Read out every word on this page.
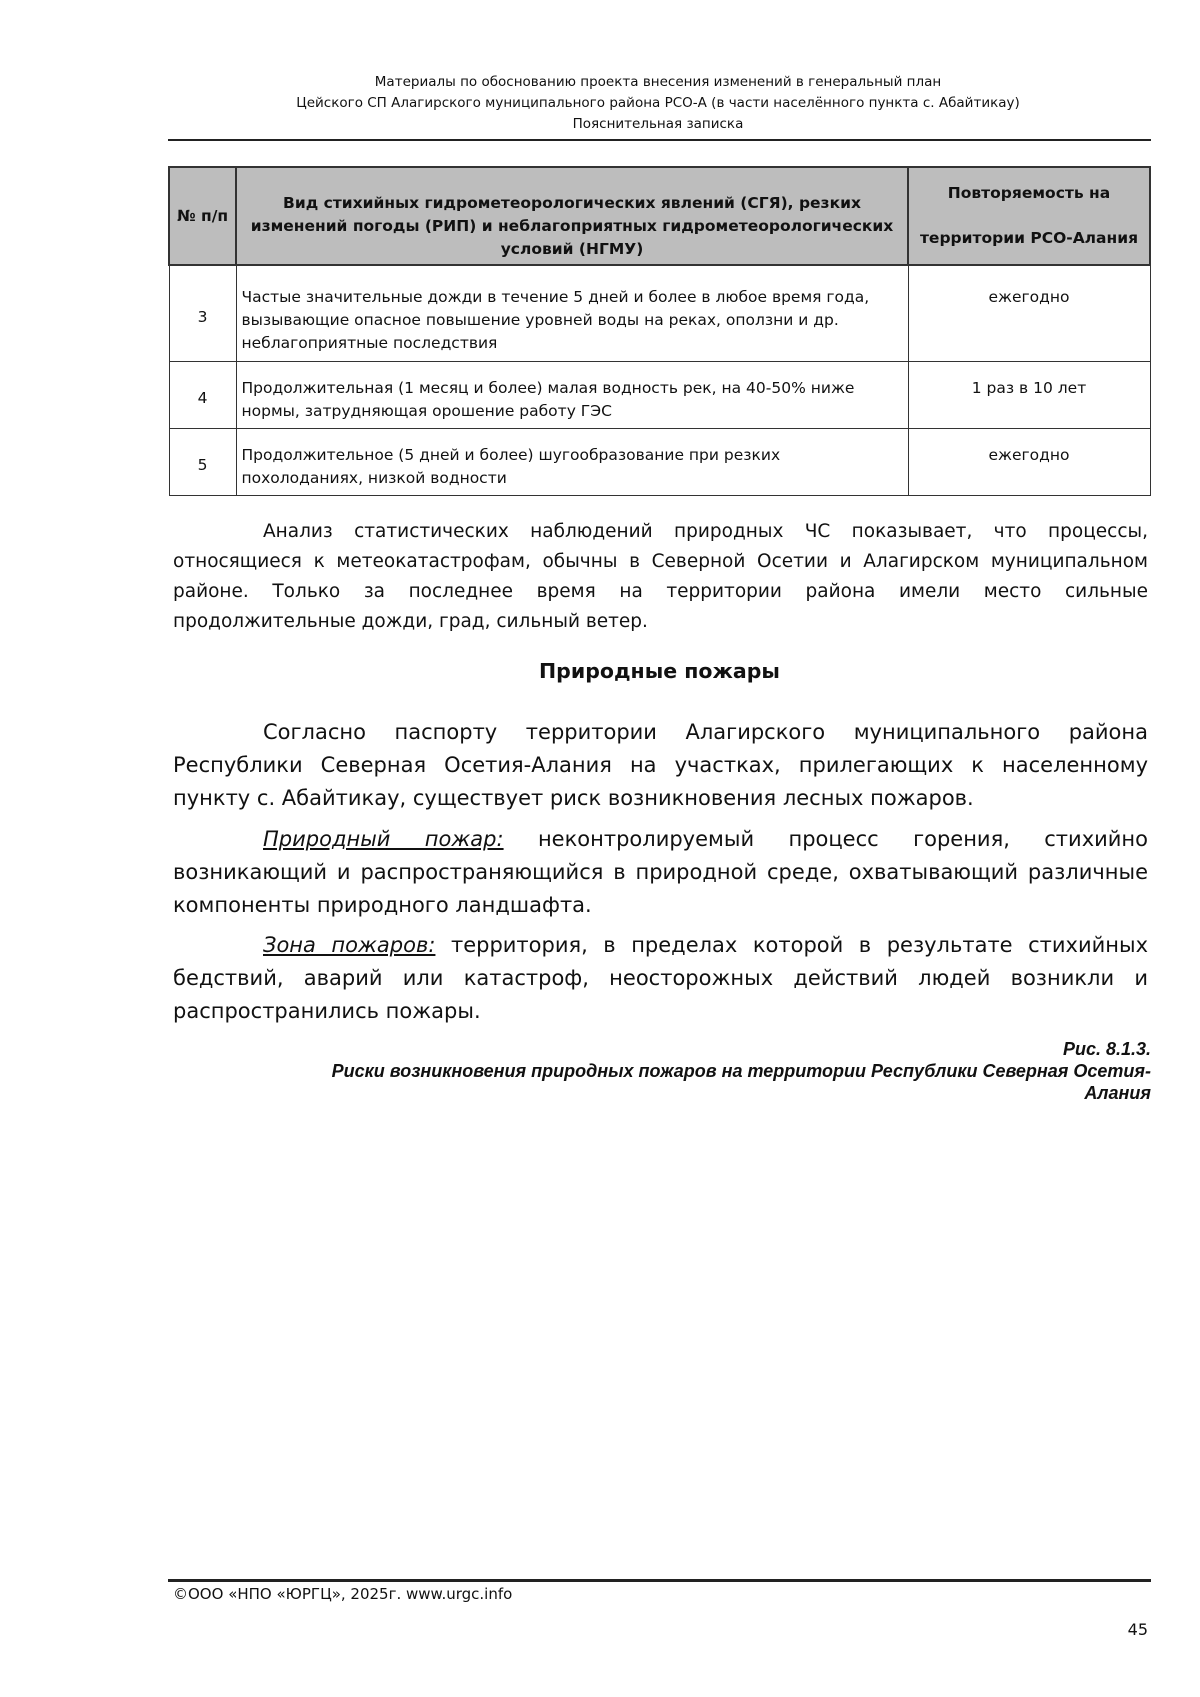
Материалы по обоснованию проекта внесения изменений в генеральный план
Цейского СП Алагирского муниципального района РСО-А (в части населённого пункта с. Абайтикау)
Пояснительная записка
№ п/п	Вид стихийных гидрометеорологических явлений (СГЯ), резких изменений погоды (РИП) и неблагоприятных гидрометеорологических условий (НГМУ)	Повторяемость на
территории РСО-Алания

3	Частые значительные дожди в течение 5 дней и более в любое время года, вызывающие опасное повышение уровней воды на реках, оползни и др. неблагоприятные последствия	ежегодно
4	Продолжительная (1 месяц и более) малая водность рек, на 40-50% ниже нормы, затрудняющая орошение работу ГЭС	1 раз в 10 лет
5	Продолжительное (5 дней и более) шугообразование при резких похолоданиях, низкой водности	ежегодно
Анализ статистических наблюдений природных ЧС показывает, что процессы, относящиеся к метеокатастрофам, обычны в Северной Осетии и Алагирском муниципальном районе. Только за последнее время на территории района имели место сильные продолжительные дожди, град, сильный ветер.
Природные пожары
Согласно паспорту территории Алагирского муниципального района Республики Северная Осетия-Алания на участках, прилегающих к населенному пункту с. Абайтикау, существует риск возникновения лесных пожаров.
Природный пожар: неконтролируемый процесс горения, стихийно возникающий и распространяющийся в природной среде, охватывающий различные компоненты природного ландшафта.
Зона пожаров: территория, в пределах которой в результате стихийных бедствий, аварий или катастроф, неосторожных действий людей возникли и распространились пожары.
Рис. 8.1.3.
Риски возникновения природных пожаров на территории Республики Северная Осетия-
Алания
©ООО «НПО «ЮРГЦ», 2025г. www.urgc.info
45
